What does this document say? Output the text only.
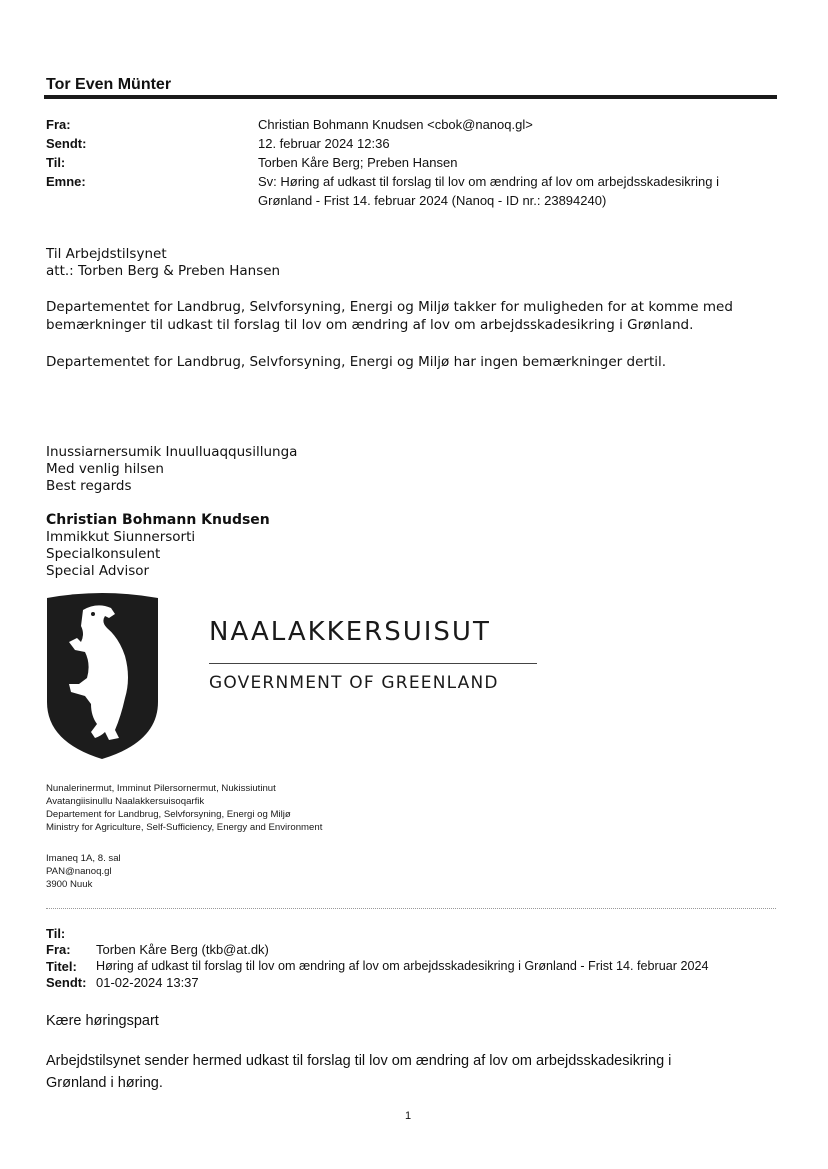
Tor Even Münter
Fra:	Christian Bohmann Knudsen <cbok@nanoq.gl>
Sendt:	12. februar 2024 12:36
Til:	Torben Kåre Berg; Preben Hansen
Emne:	Sv: Høring af udkast til forslag til lov om ændring af lov om arbejdsskadesikring i
Grønland - Frist 14. februar 2024 (Nanoq - ID nr.: 23894240)
Til Arbejdstilsynet
att.: Torben Berg & Preben Hansen
Departementet for Landbrug, Selvforsyning, Energi og Miljø takker for muligheden for at komme med
bemærkninger til udkast til forslag til lov om ændring af lov om arbejdsskadesikring i Grønland.
Departementet for Landbrug, Selvforsyning, Energi og Miljø har ingen bemærkninger dertil.
Inussiarnersumik Inuulluaqqusillunga
Med venlig hilsen
Best regards
Christian Bohmann Knudsen
Immikkut Siunnersorti
Specialkonsulent
Special Advisor
NAALAKKERSUISUT
GOVERNMENT OF GREENLAND
Nunalerinermut, Imminut Pilersornermut, Nukissiutinut
Avatangiisinullu Naalakkersuisoqarfik
Departement for Landbrug, Selvforsyning, Energi og Miljø
Ministry for Agriculture, Self-Sufficiency, Energy and Environment
Imaneq 1A, 8. sal
PAN@nanoq.gl
3900 Nuuk
Til:
Fra: Torben Kåre Berg (tkb@at.dk)
Titel: Høring af udkast til forslag til lov om ændring af lov om arbejdsskadesikring i Grønland - Frist 14. februar 2024
Sendt: 01-02-2024 13:37
Kære høringspart
Arbejdstilsynet sender hermed udkast til forslag til lov om ændring af lov om arbejdsskadesikring i
Grønland i høring.
1
